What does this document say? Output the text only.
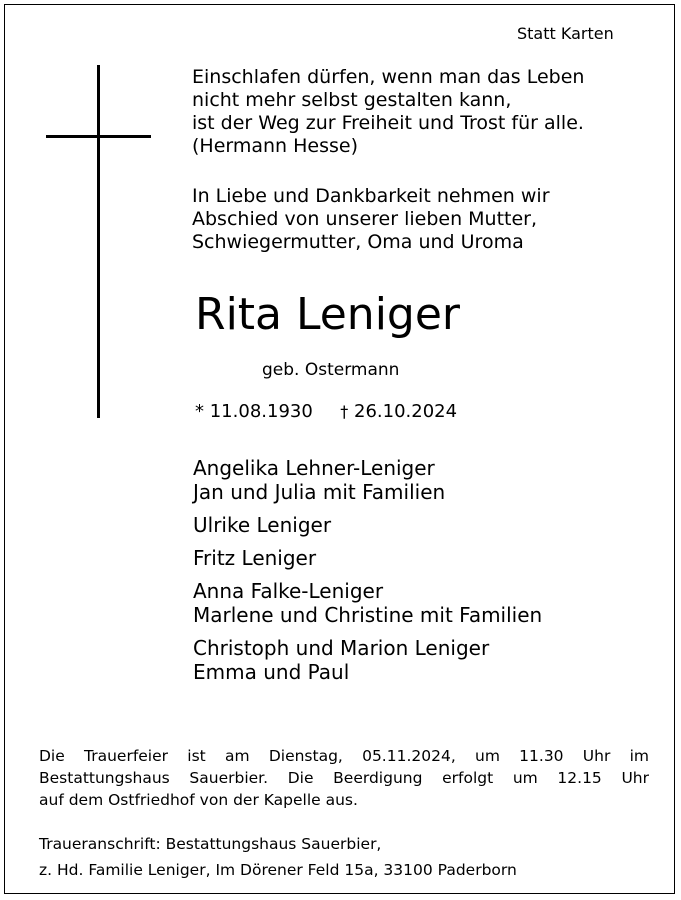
Statt Karten
Einschlafen dürfen, wenn man das Leben
nicht mehr selbst gestalten kann,
ist der Weg zur Freiheit und Trost für alle.
(Hermann Hesse)
In Liebe und Dankbarkeit nehmen wir
Abschied von unserer lieben Mutter,
Schwiegermutter, Oma und Uroma
Rita Leniger
geb. Ostermann
* 11.08.1930 † 26.10.2024
Angelika Lehner-Leniger
Jan und Julia mit Familien
Ulrike Leniger
Fritz Leniger
Anna Falke-Leniger
Marlene und Christine mit Familien
Christoph und Marion Leniger
Emma und Paul
Die Trauerfeier ist am Dienstag, 05.11.2024, um 11.30 Uhr im
Bestattungshaus Sauerbier. Die Beerdigung erfolgt um 12.15 Uhr
auf dem Ostfriedhof von der Kapelle aus.
Traueranschrift: Bestattungshaus Sauerbier,
z. Hd. Familie Leniger, Im Dörener Feld 15a, 33100 Paderborn
